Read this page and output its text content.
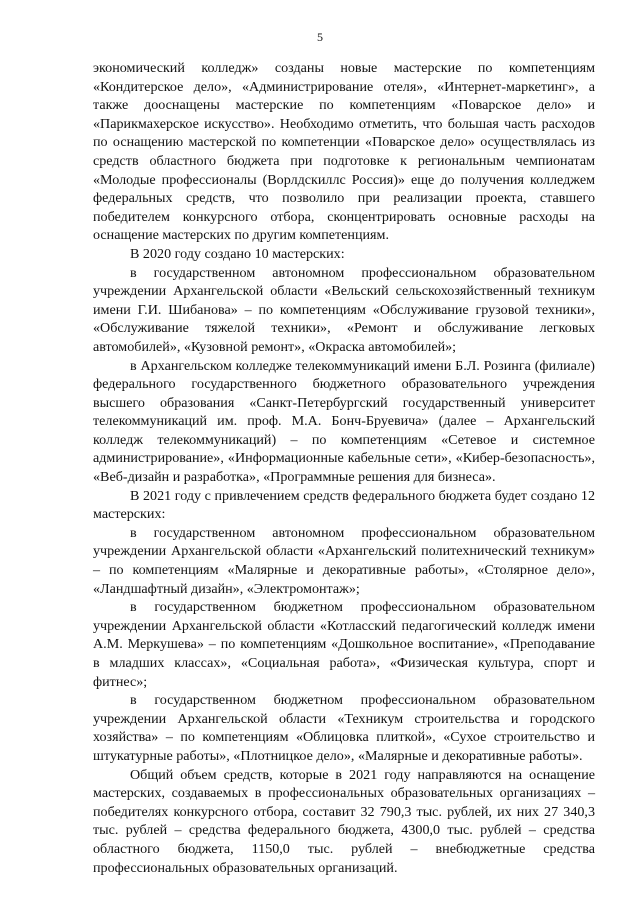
5

экономический колледж» созданы новые мастерские по компетенциям «Кондитерское дело», «Администрирование отеля», «Интернет-маркетинг», а также дооснащены мастерские по компетенциям «Поварское дело» и «Парикмахерское искусство». Необходимо отметить, что большая часть расходов по оснащению мастерской по компетенции «Поварское дело» осуществлялась из средств областного бюджета при подготовке к региональным чемпионатам «Молодые профессионалы (Ворлдскиллс Россия)» еще до получения колледжем федеральных средств, что позволило при реализации проекта, ставшего победителем конкурсного отбора, сконцентрировать основные расходы на оснащение мастерских по другим компетенциям.

В 2020 году создано 10 мастерских:

в государственном автономном профессиональном образовательном учреждении Архангельской области «Вельский сельскохозяйственный техникум имени Г.И. Шибанова» – по компетенциям «Обслуживание грузовой техники», «Обслуживание тяжелой техники», «Ремонт и обслуживание легковых автомобилей», «Кузовной ремонт», «Окраска автомобилей»;

в Архангельском колледже телекоммуникаций имени Б.Л. Розинга (филиале) федерального государственного бюджетного образовательного учреждения высшего образования «Санкт-Петербургский государственный университет телекоммуникаций им. проф. М.А. Бонч-Бруевича» (далее – Архангельский колледж телекоммуникаций) – по компетенциям «Сетевое и системное администрирование», «Информационные кабельные сети», «Кибер-безопасность», «Веб-дизайн и разработка», «Программные решения для бизнеса».

В 2021 году с привлечением средств федерального бюджета будет создано 12 мастерских:

в государственном автономном профессиональном образовательном учреждении Архангельской области «Архангельский политехнический техникум» – по компетенциям «Малярные и декоративные работы», «Столярное дело», «Ландшафтный дизайн», «Электромонтаж»;

в государственном бюджетном профессиональном образовательном учреждении Архангельской области «Котласский педагогический колледж имени А.М. Меркушева» – по компетенциям «Дошкольное воспитание», «Преподавание в младших классах», «Социальная работа», «Физическая культура, спорт и фитнес»;

в государственном бюджетном профессиональном образовательном учреждении Архангельской области «Техникум строительства и городского хозяйства» – по компетенциям «Облицовка плиткой», «Сухое строительство и штукатурные работы», «Плотницкое дело», «Малярные и декоративные работы».

Общий объем средств, которые в 2021 году направляются на оснащение мастерских, создаваемых в профессиональных образовательных организациях – победителях конкурсного отбора, составит 32 790,3 тыс. рублей, их них 27 340,3 тыс. рублей – средства федерального бюджета, 4300,0 тыс. рублей – средства областного бюджета, 1150,0 тыс. рублей – внебюджетные средства профессиональных образовательных организаций.
